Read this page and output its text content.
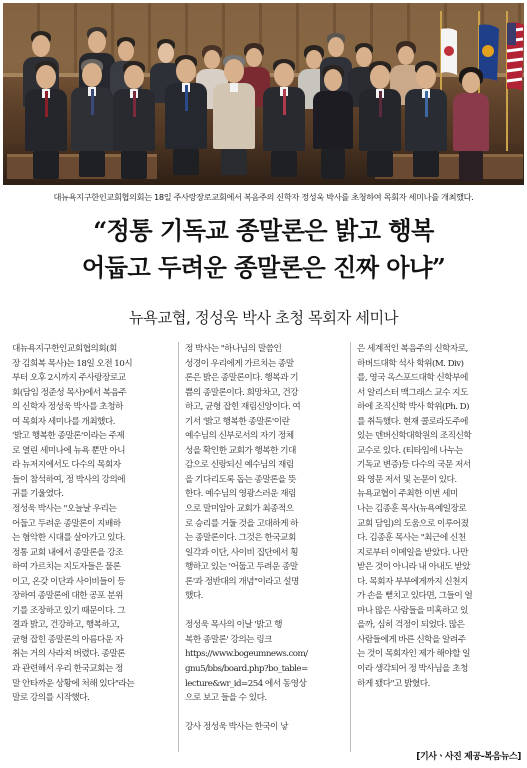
대뉴욕지구한인교회협의회는 18일 주사랑장로교회에서 복음주의 신학자 정성욱 박사를 초청하여 목회자 세미나를 개최했다.
“정통 기독교 종말론은 밝고 행복
어둡고 두려운 종말론은 진짜 아냐”
뉴욕교협, 정성욱 박사 초청 목회자 세미나
대뉴욕지구한인교회협의회(회
장 김희복 목사)는 18일 오전 10시
부터 오후 2시까지 주사랑장로교
회(담임 정준성 목사)에서 복음주
의 신학자 정성욱 박사를 초청하
여 목회자 세미나를 개최했다.
'밝고 행복한 종말론'이라는 주제
로 열린 세미나에 뉴욕 뿐만 아니
라 뉴저지에서도 다수의 목회자
들이 참석하여, 정 박사의 강의에
귀를 기울였다.
정성욱 박사는 "오늘날 우리는
어둡고 두려운 종말론이 지배하
는 혐악한 시대를 살아가고 있다.
정통 교회 내에서 종말론을 강조
하여 가르치는 지도자들은 물론
이고, 온갖 이단과 사이비들이 등
장하여 종말론에 대한 공포 분위
기를 조장하고 있기 때문이다. 그
결과 밝고, 건강하고, 행복하고,
균형 잡힌 종말론의 아름다운 자
취는 거의 사라져 버렸다. 종말론
과 관련해서 우리 한국교회는 정
말 안타까운 상황에 처해 있다"라는
말로 강의를 시작했다.
정 박사는 "하나님의 말씀인
성경이 우리에게 가르치는 종말
론은 밝은 종말론이다. 행복과 기
쁨의 종말론이다. 희망차고, 건강
하고, 균형 잡힌 재림신앙이다. 여
기서 '밝고 행복한 종말론'이란
예수님의 신부로서의 자기 정체
성을 확인한 교회가 행복한 기대
감으로 신랑되신 예수님의 재림
을 기다리도록 돕는 종말론을 뜻
한다. 예수님의 영광스러운 재림
으로 말미암아 교회가 최종적으
로 승리를 거둘 것을 고대하게 하
는 종말론이다. 그것은 한국교회
일각과 이단, 사이비 집단에서 횡
행하고 있는 '어둡고 두려운 종말
론'과 정반대의 개념"이라고 설명
했다.

정성욱 목사의 이날 '밝고 행
복한 종말론' 강의는 링크
https://www.bogeumnews.com/
gnu5/bbs/board.php?bo_table=
lecture&wr_id=254 에서 동영상
으로 보고 들을 수 있다.

강사 정성욱 박사는 한국이 낳
은 세계적인 복음주의 신학자로,
하버드대학 석사 학위(M. Div)
를, 영국 옥스포드대학 신학부에
서 알리스터 맥그래스 교수 지도
하에 조직신학 박사 학위(Ph. D)
를 취득했다. 현재 콜로라도주에
있는 덴버신학대학원의 조직신학
교수로 있다. (티타임에 나누는
기독교 변증)등 다수의 국문 저서
와 영문 저서 및 논문이 있다.
뉴욕교협이 주최한 이번 세미
나는 김종훈 목사(뉴욕예일장로
교회 담임)의 도움으로 이루어졌
다. 김종훈 목사는 "최근에 신천
지로부터 이메일을 받았다. 나만
받은 것이 아니라 내 아내도 받았
다. 목회자 부부에게까지 신천지
가 손을 뻗치고 있다면, 그들이 얼
마나 많은 사람들을 미혹하고 있
을까, 심히 걱정이 되었다. 많은
사람들에게 바른 신학을 알려주
는 것이 목회자인 제가 해야할 일
이라 생각되어 정 박사님을 초청
하게 됐다"고 밝혔다.
[기사ㆍ사진 제공-복음뉴스]
